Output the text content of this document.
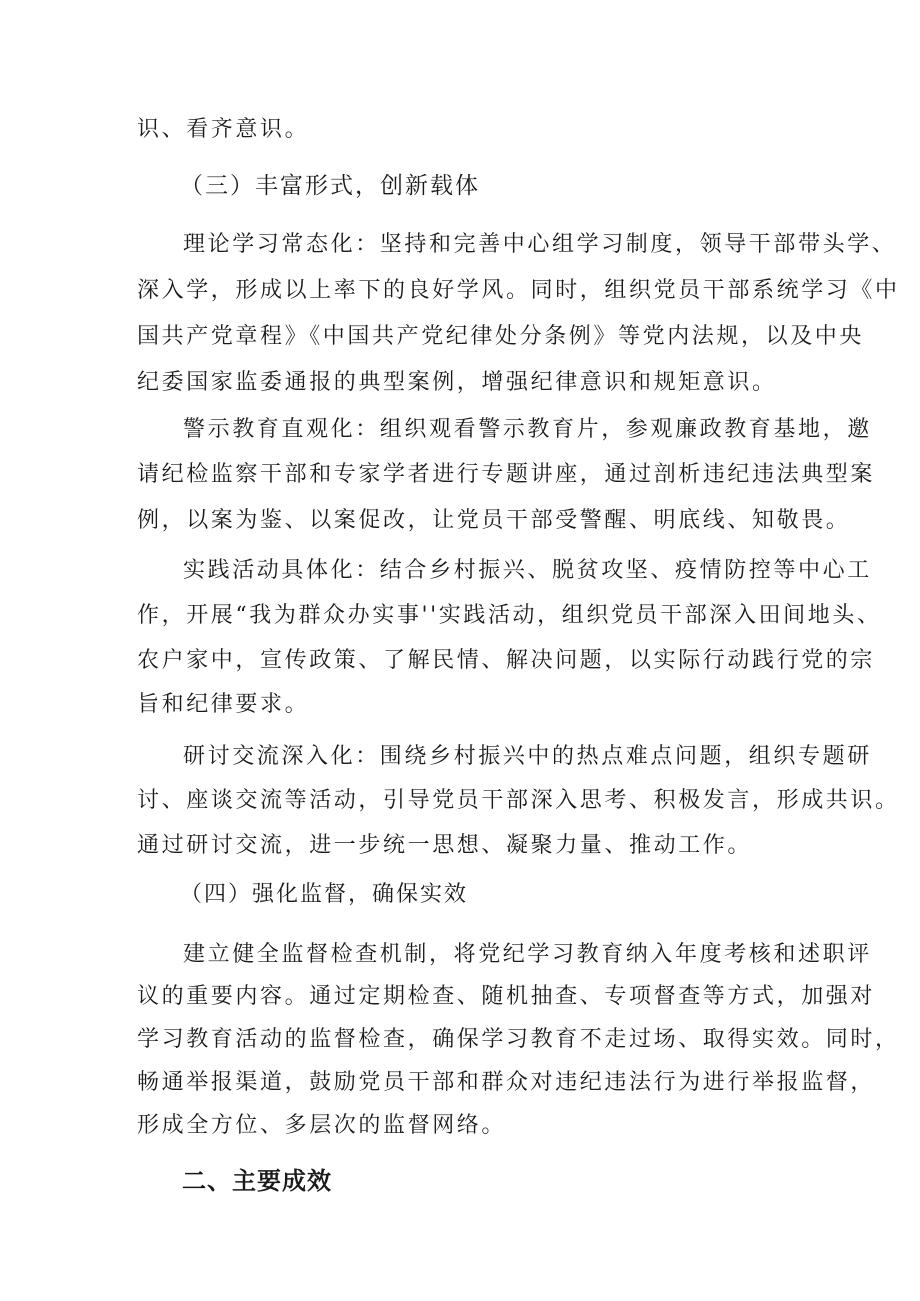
识、看齐意识。
（三）丰富形式，创新载体
理论学习常态化：坚持和完善中心组学习制度，领导干部带头学、
深入学，形成以上率下的良好学风。同时，组织党员干部系统学习《中
国共产党章程》《中国共产党纪律处分条例》等党内法规，以及中央
纪委国家监委通报的典型案例，增强纪律意识和规矩意识。
警示教育直观化：组织观看警示教育片，参观廉政教育基地，邀
请纪检监察干部和专家学者进行专题讲座，通过剖析违纪违法典型案
例，以案为鉴、以案促改，让党员干部受警醒、明底线、知敬畏。
实践活动具体化：结合乡村振兴、脱贫攻坚、疫情防控等中心工
作，开展“我为群众办实事''实践活动，组织党员干部深入田间地头、
农户家中，宣传政策、了解民情、解决问题，以实际行动践行党的宗
旨和纪律要求。
研讨交流深入化：围绕乡村振兴中的热点难点问题，组织专题研
讨、座谈交流等活动，引导党员干部深入思考、积极发言，形成共识。
通过研讨交流，进一步统一思想、凝聚力量、推动工作。
（四）强化监督，确保实效
建立健全监督检查机制，将党纪学习教育纳入年度考核和述职评
议的重要内容。通过定期检查、随机抽查、专项督查等方式，加强对
学习教育活动的监督检查，确保学习教育不走过场、取得实效。同时，
畅通举报渠道，鼓励党员干部和群众对违纪违法行为进行举报监督，
形成全方位、多层次的监督网络。
二、主要成效
